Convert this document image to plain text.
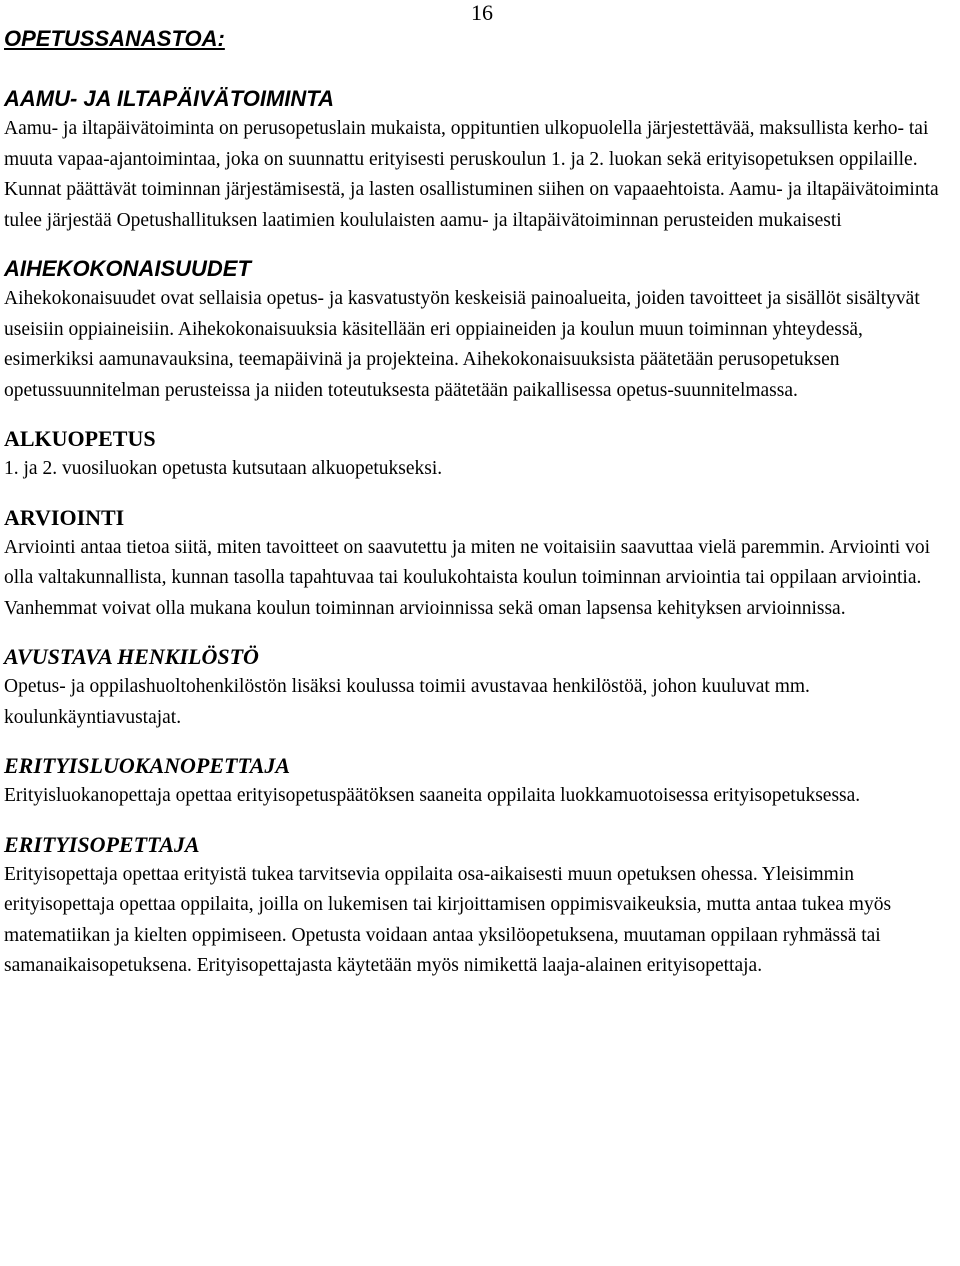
16
OPETUSSANASTOA:
AAMU- JA ILTAPÄIVÄTOIMINTA

Aamu- ja iltapäivätoiminta on perusopetuslain mukaista, oppituntien ulkopuolella järjestettävää, maksullista kerho- tai muuta vapaa-ajantoimintaa, joka on suunnattu erityisesti peruskoulun 1. ja 2. luokan sekä erityisopetuksen oppilaille. Kunnat päättävät toiminnan järjestämisestä, ja lasten osallistuminen siihen on vapaaehtoista. Aamu- ja iltapäivätoiminta tulee järjestää Opetushallituksen laatimien koululaisten aamu- ja iltapäivätoiminnan perusteiden mukaisesti

AIHEKOKONAISUUDET

Aihekokonaisuudet ovat sellaisia opetus- ja kasvatustyön keskeisiä painoalueita, joiden tavoitteet ja sisällöt sisältyvät useisiin oppiaineisiin. Aihekokonaisuuksia käsitellään eri oppiaineiden ja koulun muun toiminnan yhteydessä, esimerkiksi aamunavauksina, teemapäivinä ja projekteina. Aihekokonaisuuksista päätetään perusopetuksen opetussuunnitelman perusteissa ja niiden toteutuksesta päätetään paikallisessa opetus-suunnitelmassa.

ALKUOPETUS

1. ja 2. vuosiluokan opetusta kutsutaan alkuopetukseksi.

ARVIOINTI

Arviointi antaa tietoa siitä, miten tavoitteet on saavutettu ja miten ne voitaisiin saavuttaa vielä paremmin. Arviointi voi olla valtakunnallista, kunnan tasolla tapahtuvaa tai koulukohtaista koulun toiminnan arviointia tai oppilaan arviointia. Vanhemmat voivat olla mukana koulun toiminnan arvioinnissa sekä oman lapsensa kehityksen arvioinnissa.

AVUSTAVA HENKILÖSTÖ

Opetus- ja oppilashuoltohenkilöstön lisäksi koulussa toimii avustavaa henkilöstöä, johon kuuluvat mm. koulunkäyntiavustajat.

ERITYISLUOKANOPETTAJA

Erityisluokanopettaja opettaa erityisopetuspäätöksen saaneita oppilaita luokkamuotoisessa erityisopetuksessa.

ERITYISOPETTAJA

Erityisopettaja opettaa erityistä tukea tarvitsevia oppilaita osa-aikaisesti muun opetuksen ohessa. Yleisimmin erityisopettaja opettaa oppilaita, joilla on lukemisen tai kirjoittamisen oppimisvaikeuksia, mutta antaa tukea myös matematiikan ja kielten oppimiseen. Opetusta voidaan antaa yksilöopetuksena, muutaman oppilaan ryhmässä tai samanaikaisopetuksena. Erityisopettajasta käytetään myös nimikettä laaja-alainen erityisopettaja.
